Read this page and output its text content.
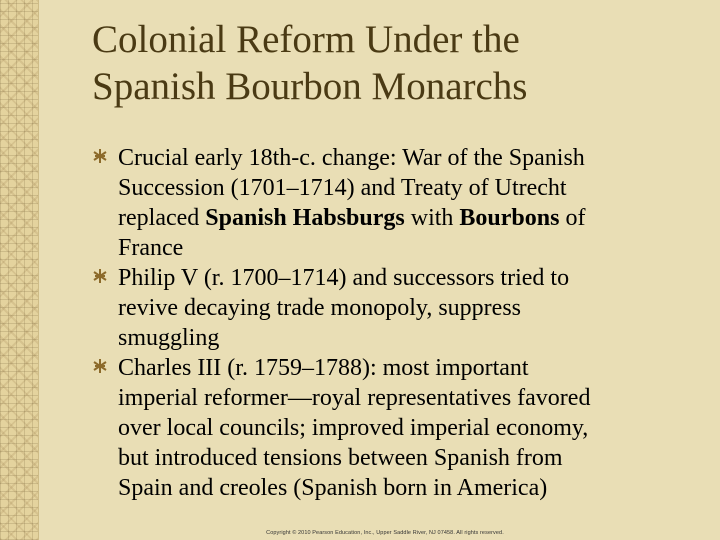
Colonial Reform Under the
Spanish Bourbon Monarchs
Crucial early 18th-c. change: War of the Spanish
Succession (1701–1714) and Treaty of Utrecht
replaced Spanish Habsburgs with Bourbons of
France
Philip V (r. 1700–1714) and successors tried to
revive decaying trade monopoly, suppress
smuggling
Charles III (r. 1759–1788): most important
imperial reformer—royal representatives favored
over local councils; improved imperial economy,
but introduced tensions between Spanish from
Spain and creoles (Spanish born in America)
Copyright © 2010 Pearson Education, Inc., Upper Saddle River, NJ 07458. All rights reserved.
